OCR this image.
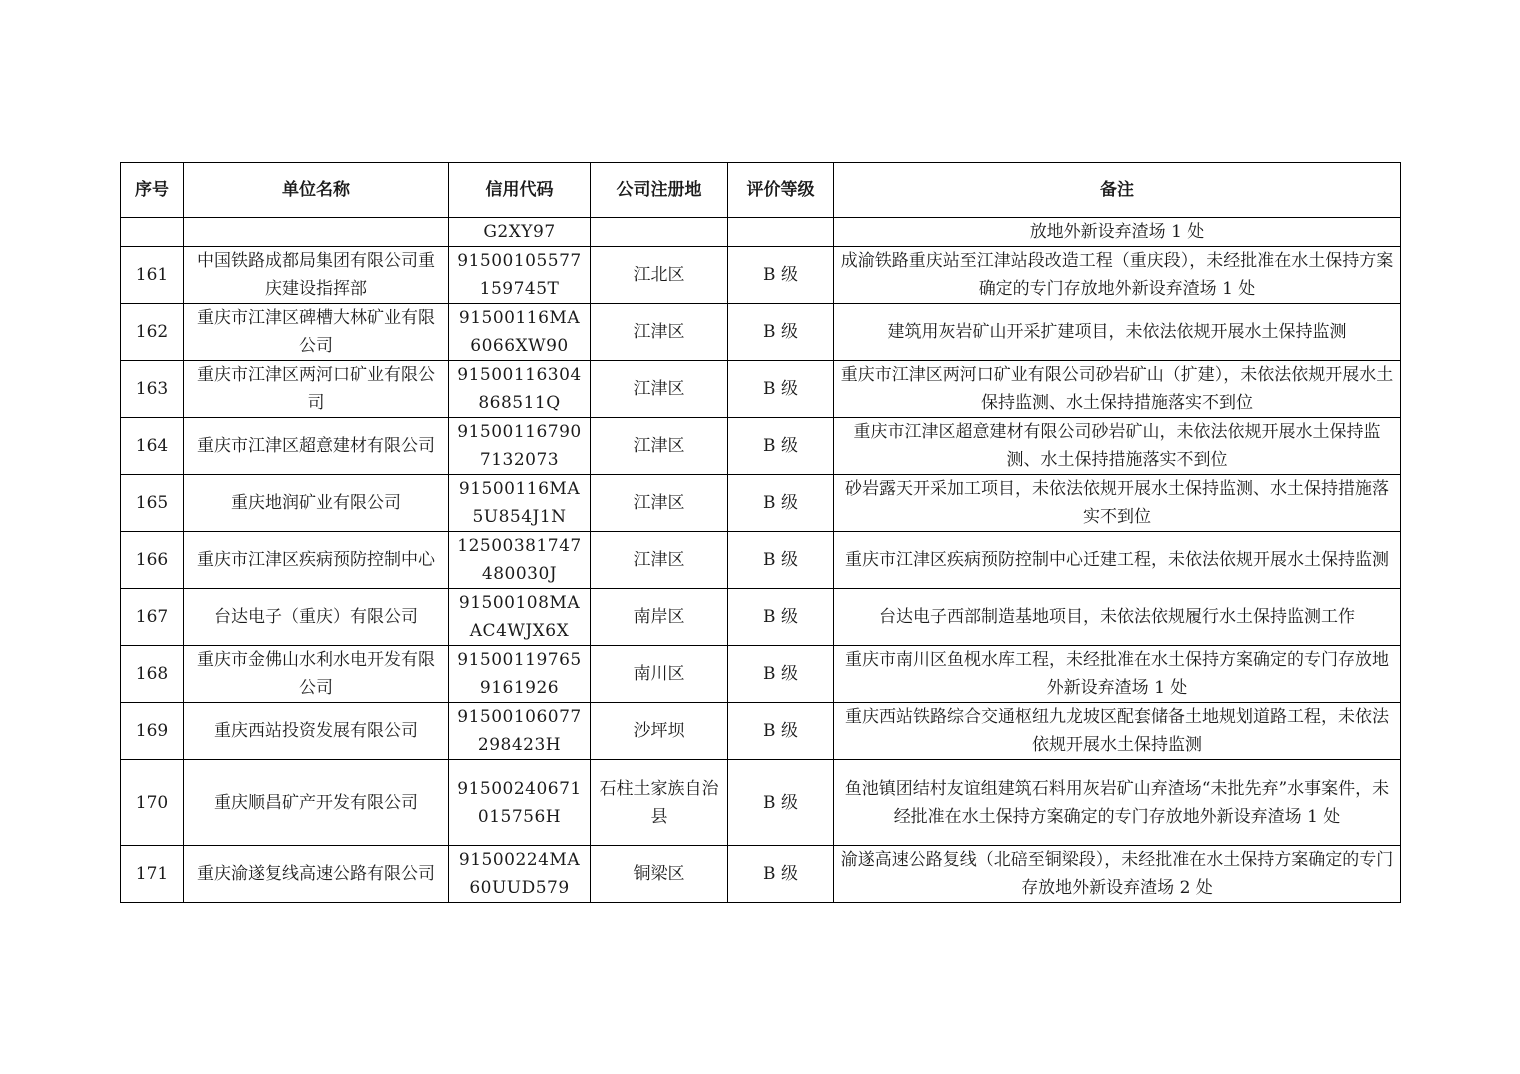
序号	单位名称	信用代码	公司注册地	评价等级	备注
		G2XY97			放地外新设弃渣场 1 处
161	中国铁路成都局集团有限公司重庆建设指挥部	91500105577159745T	江北区	B 级	成渝铁路重庆站至江津站段改造工程（重庆段），未经批准在水土保持方案确定的专门存放地外新设弃渣场 1 处
162	重庆市江津区碑槽大林矿业有限公司	91500116MA6066XW90	江津区	B 级	建筑用灰岩矿山开采扩建项目，未依法依规开展水土保持监测
163	重庆市江津区两河口矿业有限公司	91500116304868511Q	江津区	B 级	重庆市江津区两河口矿业有限公司砂岩矿山（扩建），未依法依规开展水土保持监测、水土保持措施落实不到位
164	重庆市江津区超意建材有限公司	915001167907132073	江津区	B 级	重庆市江津区超意建材有限公司砂岩矿山，未依法依规开展水土保持监测、水土保持措施落实不到位
165	重庆地润矿业有限公司	91500116MA5U854J1N	江津区	B 级	砂岩露天开采加工项目，未依法依规开展水土保持监测、水土保持措施落实不到位
166	重庆市江津区疾病预防控制中心	12500381747480030J	江津区	B 级	重庆市江津区疾病预防控制中心迁建工程，未依法依规开展水土保持监测
167	台达电子（重庆）有限公司	91500108MAAC4WJX6X	南岸区	B 级	台达电子西部制造基地项目，未依法依规履行水土保持监测工作
168	重庆市金佛山水利水电开发有限公司	915001197659161926	南川区	B 级	重庆市南川区鱼枧水库工程，未经批准在水土保持方案确定的专门存放地外新设弃渣场 1 处
169	重庆西站投资发展有限公司	91500106077298423H	沙坪坝	B 级	重庆西站铁路综合交通枢纽九龙坡区配套储备土地规划道路工程，未依法依规开展水土保持监测
170	重庆顺昌矿产开发有限公司	91500240671015756H	石柱土家族自治县	B 级	鱼池镇团结村友谊组建筑石料用灰岩矿山弃渣场“未批先弃”水事案件，未经批准在水土保持方案确定的专门存放地外新设弃渣场 1 处
171	重庆渝遂复线高速公路有限公司	91500224MA60UUD579	铜梁区	B 级	渝遂高速公路复线（北碚至铜梁段），未经批准在水土保持方案确定的专门存放地外新设弃渣场 2 处
